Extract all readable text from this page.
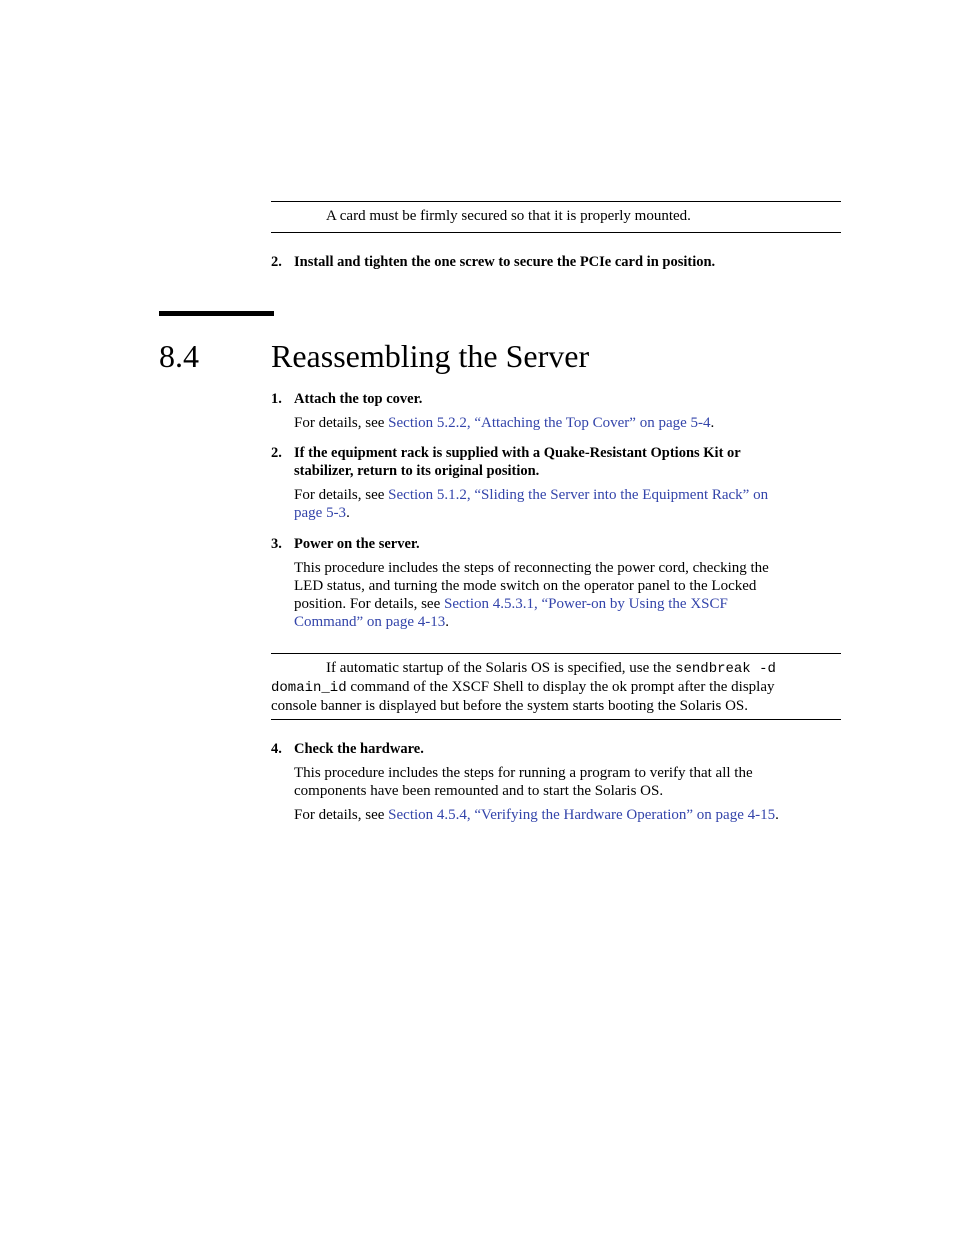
A card must be firmly secured so that it is properly mounted.
2. Install and tighten the one screw to secure the PCIe card in position.
8.4 Reassembling the Server
1. Attach the top cover.
For details, see Section 5.2.2, “Attaching the Top Cover” on page 5-4.
2. If the equipment rack is supplied with a Quake-Resistant Options Kit or
stabilizer, return to its original position.
For details, see Section 5.1.2, “Sliding the Server into the Equipment Rack” on
page 5-3.
3. Power on the server.
This procedure includes the steps of reconnecting the power cord, checking the
LED status, and turning the mode switch on the operator panel to the Locked
position. For details, see Section 4.5.3.1, “Power-on by Using the XSCF
Command” on page 4-13.
If automatic startup of the Solaris OS is specified, use the sendbreak -d
domain_id command of the XSCF Shell to display the ok prompt after the display
console banner is displayed but before the system starts booting the Solaris OS.
4. Check the hardware.
This procedure includes the steps for running a program to verify that all the
components have been remounted and to start the Solaris OS.
For details, see Section 4.5.4, “Verifying the Hardware Operation” on page 4-15.
